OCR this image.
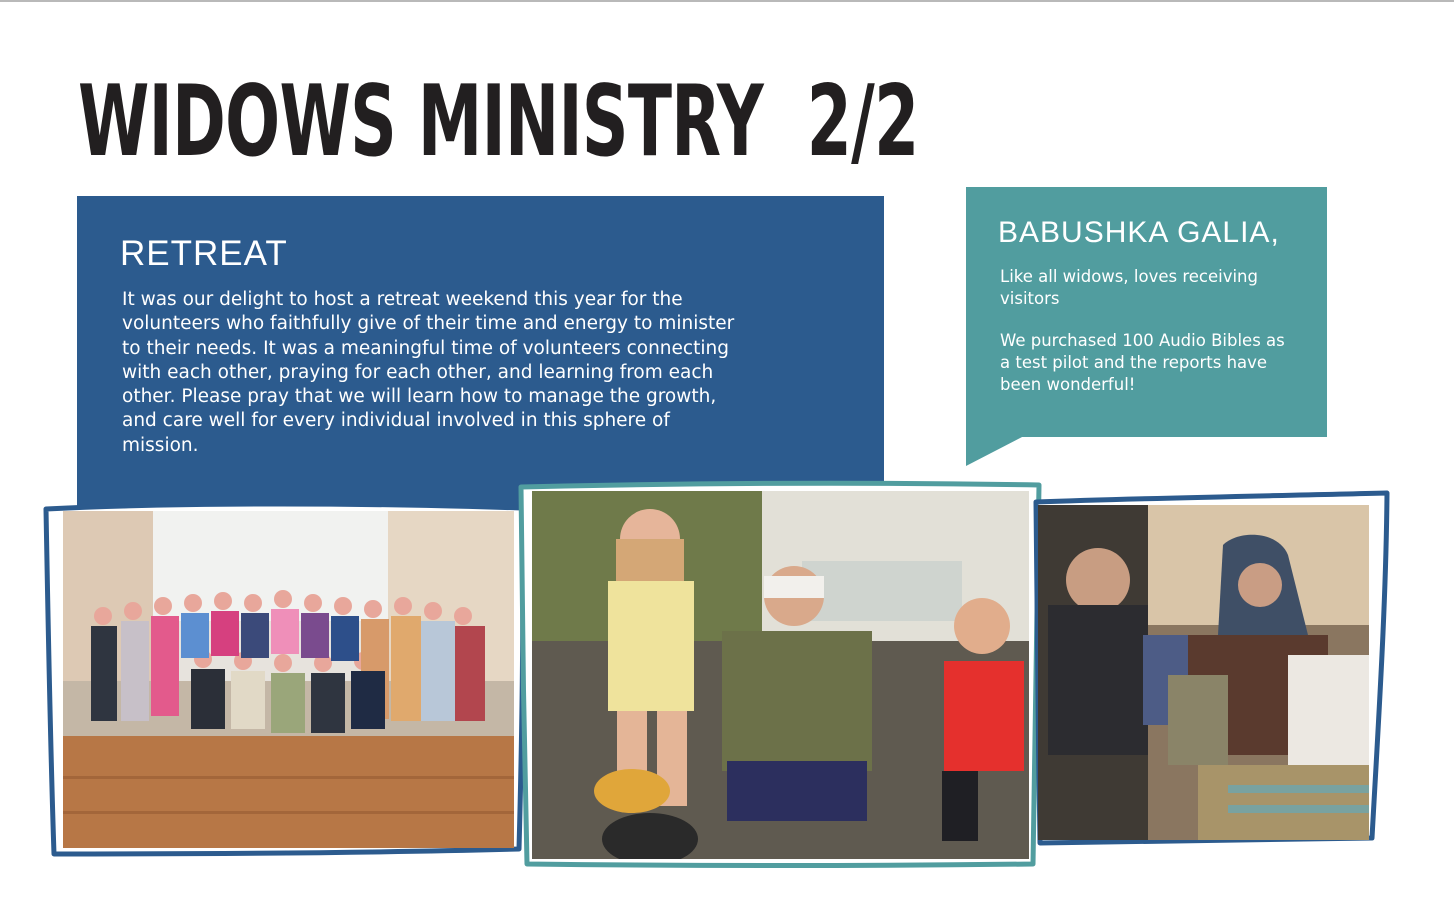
WIDOWS MINISTRY  2/2
RETREAT

It was our delight to host a retreat weekend this year for the volunteers who faithfully give of their time and energy to minister to their needs. It was a meaningful time of volunteers connecting with each other, praying for each other, and learning from each other. Please pray that we will learn how to manage the growth, and care well for every individual involved in this sphere of mission.

BABUSHKA GALIA,

Like all widows, loves receiving visitors

We purchased 100 Audio Bibles as a test pilot and the reports have been wonderful!
